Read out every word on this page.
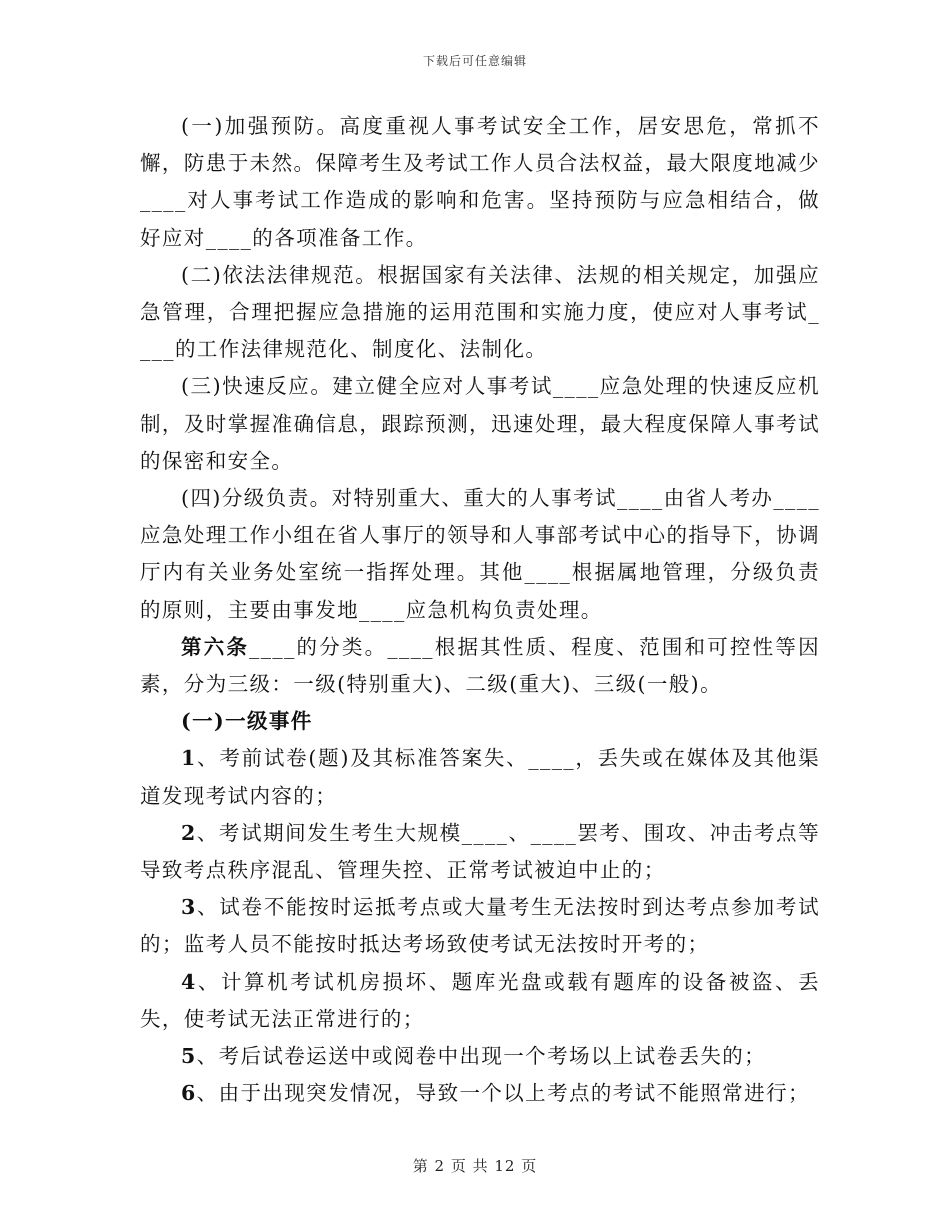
下载后可任意编辑

(一)加强预防。高度重视人事考试安全工作，居安思危，常抓不懈，防患于未然。保障考生及考试工作人员合法权益，最大限度地减少____对人事考试工作造成的影响和危害。坚持预防与应急相结合，做好应对____的各项准备工作。

(二)依法法律规范。根据国家有关法律、法规的相关规定，加强应急管理，合理把握应急措施的运用范围和实施力度，使应对人事考试____的工作法律规范化、制度化、法制化。

(三)快速反应。建立健全应对人事考试____应急处理的快速反应机制，及时掌握准确信息，跟踪预测，迅速处理，最大程度保障人事考试的保密和安全。

(四)分级负责。对特别重大、重大的人事考试____由省人考办____应急处理工作小组在省人事厅的领导和人事部考试中心的指导下，协调厅内有关业务处室统一指挥处理。其他____根据属地管理，分级负责的原则，主要由事发地____应急机构负责处理。

第六条____的分类。____根据其性质、程度、范围和可控性等因素，分为三级：一级(特别重大)、二级(重大)、三级(一般)。

(一)一级事件

1、考前试卷(题)及其标准答案失、____，丢失或在媒体及其他渠道发现考试内容的；

2、考试期间发生考生大规模____、____罢考、围攻、冲击考点等导致考点秩序混乱、管理失控、正常考试被迫中止的；

3、试卷不能按时运抵考点或大量考生无法按时到达考点参加考试的；监考人员不能按时抵达考场致使考试无法按时开考的；

4、计算机考试机房损坏、题库光盘或载有题库的设备被盗、丢失，使考试无法正常进行的；

5、考后试卷运送中或阅卷中出现一个考场以上试卷丢失的；

6、由于出现突发情况，导致一个以上考点的考试不能照常进行；

第 2 页 共 12 页
